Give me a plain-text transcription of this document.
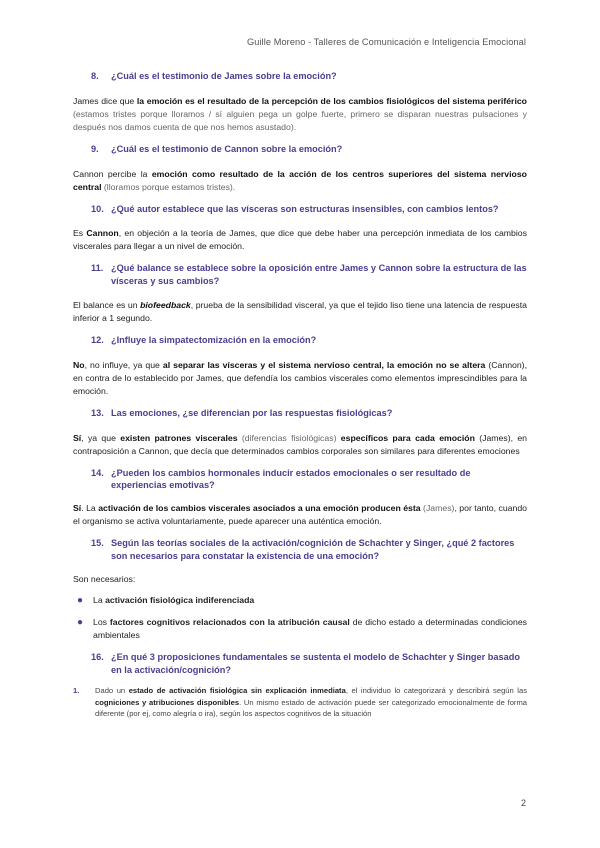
Guille Moreno - Talleres de Comunicación e Inteligencia Emocional
8. ¿Cuál es el testimonio de James sobre la emoción?

James dice que la emoción es el resultado de la percepción de los cambios fisiológicos del sistema periférico (estamos tristes porque lloramos / sí alguien pega un golpe fuerte, primero se disparan nuestras pulsaciones y después nos damos cuenta de que nos hemos asustado).

9. ¿Cuál es el testimonio de Cannon sobre la emoción?

Cannon percibe la emoción como resultado de la acción de los centros superiores del sistema nervioso central (lloramos porque estamos tristes).

10. ¿Qué autor establece que las vísceras son estructuras insensibles, con cambios lentos?

Es Cannon, en objeción a la teoría de James, que dice que debe haber una percepción inmediata de los cambios viscerales para llegar a un nivel de emoción.

11. ¿Qué balance se establece sobre la oposición entre James y Cannon sobre la estructura de las vísceras y sus cambios?

El balance es un biofeedback, prueba de la sensibilidad visceral, ya que el tejido liso tiene una latencia de respuesta inferior a 1 segundo.

12. ¿Influye la simpatectomización en la emoción?

No, no influye, ya que al separar las vísceras y el sistema nervioso central, la emoción no se altera (Cannon), en contra de lo establecido por James, que defendía los cambios viscerales como elementos imprescindibles para la emoción.

13. Las emociones, ¿se diferencian por las respuestas fisiológicas?

Sí, ya que existen patrones viscerales (diferencias fisiológicas) específicos para cada emoción (James), en contraposición a Cannon, que decía que determinados cambios corporales son similares para diferentes emociones

14. ¿Pueden los cambios hormonales inducir estados emocionales o ser resultado de experiencias emotivas?

Sí. La activación de los cambios viscerales asociados a una emoción producen ésta (James), por tanto, cuando el organismo se activa voluntariamente, puede aparecer una auténtica emoción.

15. Según las teorías sociales de la activación/cognición de Schachter y Singer, ¿qué 2 factores son necesarios para constatar la existencia de una emoción?

Son necesarios:

● La activación fisiológica indiferenciada
● Los factores cognitivos relacionados con la atribución causal de dicho estado a determinadas condiciones ambientales
16. ¿En qué 3 proposiciones fundamentales se sustenta el modelo de Schachter y Singer basado en la activación/cognición?
1.	Dado un estado de activación fisiológica sin explicación inmediata, el individuo lo categorizará y describirá según las cogniciones y atribuciones disponibles. Un mismo estado de activación puede ser categorizado emocionalmente de forma diferente (por ej, como alegría o ira), según los aspectos cognitivos de la situación
2
